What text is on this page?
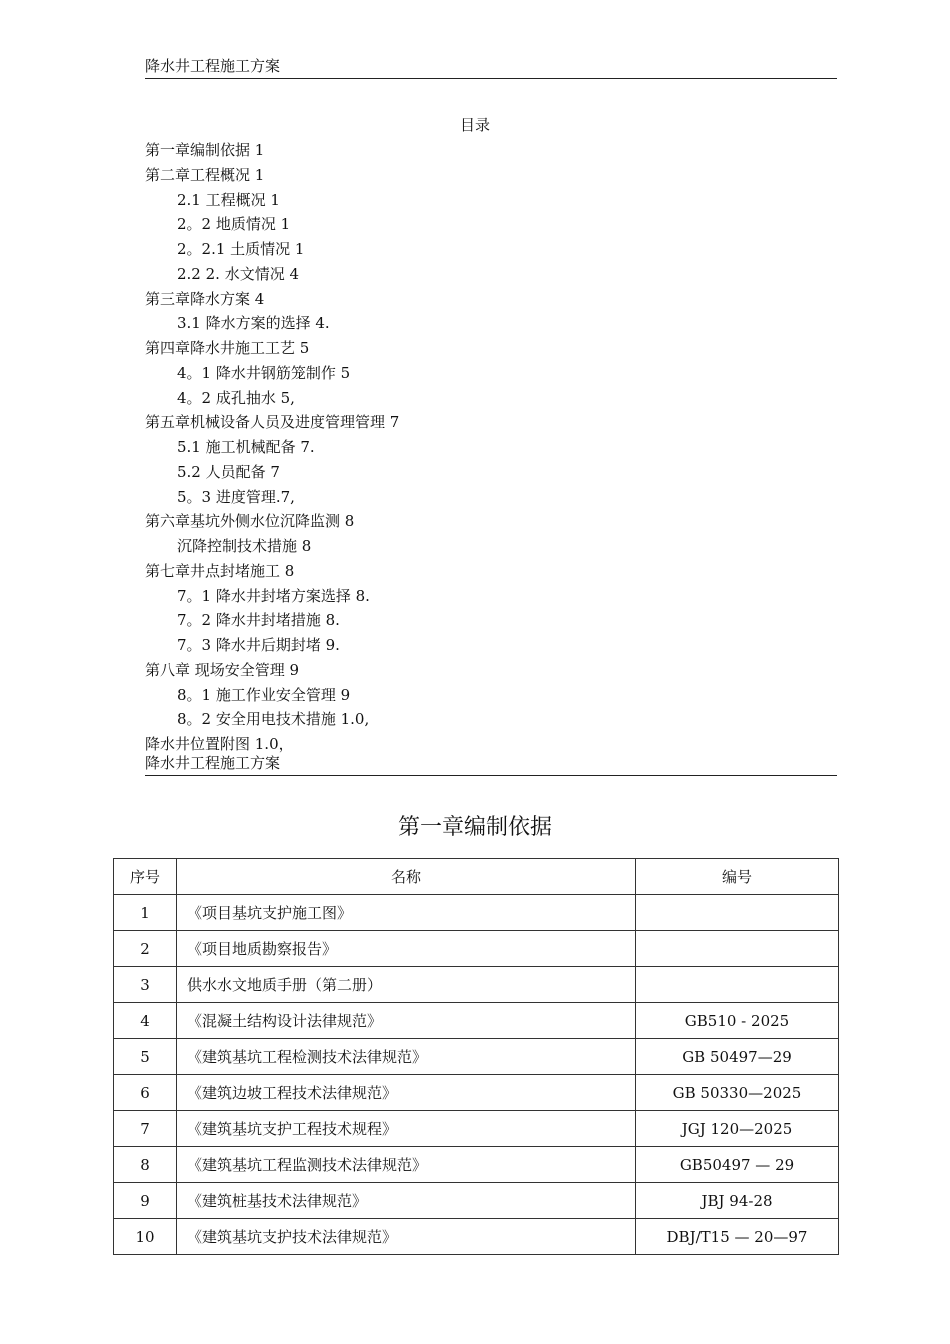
降水井工程施工方案
目录
第一章编制依据 1
第二章工程概况 1
2.1 工程概况 1
2。2 地质情况 1
2。2.1 土质情况 1
2.2 2. 水文情况 4
第三章降水方案 4
3.1 降水方案的选择 4.
第四章降水井施工工艺 5
4。1 降水井钢筋笼制作 5
4。2 成孔抽水 5,
第五章机械设备人员及进度管理管理 7
5.1 施工机械配备 7.
5.2 人员配备 7
5。3 进度管理.7,
第六章基坑外侧水位沉降监测 8
沉降控制技术措施 8
第七章井点封堵施工 8
7。1 降水井封堵方案选择 8.
7。2 降水井封堵措施 8.
7。3 降水井后期封堵 9.
第八章 现场安全管理 9
8。1 施工作业安全管理 9
8。2 安全用电技术措施 1.0,
降水井位置附图 1.0，
降水井工程施工方案
第一章编制依据
序号	名称	编号
1	《项目基坑支护施工图》	
2	《项目地质勘察报告》	
3	供水水文地质手册（第二册）	
4	《混凝土结构设计法律规范》	GB510 - 2025
5	《建筑基坑工程检测技术法律规范》	GB 50497—29
6	《建筑边坡工程技术法律规范》	GB 50330—2025
7	《建筑基坑支护工程技术规程》	JGJ 120—2025
8	《建筑基坑工程监测技术法律规范》	GB50497 — 29
9	《建筑桩基技术法律规范》	JBJ 94-28
10	《建筑基坑支护技术法律规范》	DBJ/T15 — 20—97
